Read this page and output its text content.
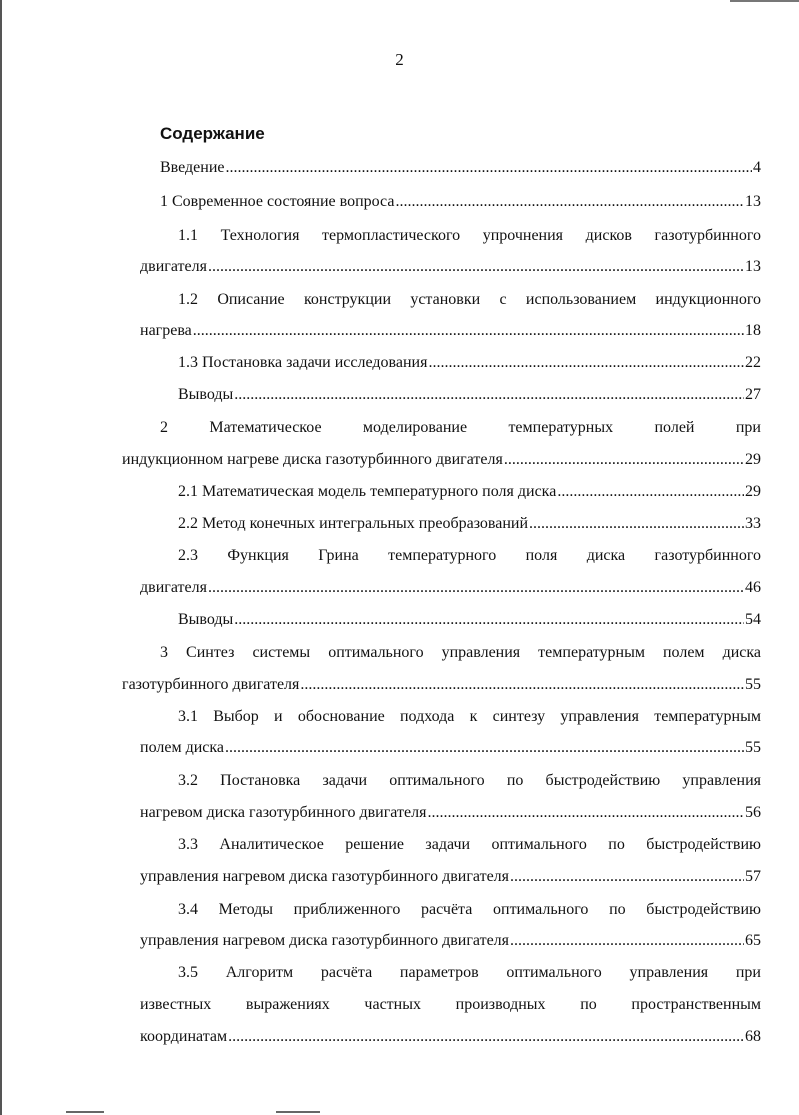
2
Содержание
Введение .....	4
1 Современное состояние вопроса .....	13
1.1 Технология термопластического упрочнения дисков газотурбинного
двигателя .....	13
1.2 Описание конструкции установки с использованием индукционного
нагрева .....	18
1.3 Постановка задачи исследования .....	22
Выводы .....	27
2 Математическое моделирование температурных полей при
индукционном нагреве диска газотурбинного двигателя .....	29
2.1 Математическая модель температурного поля диска .....	29
2.2 Метод конечных интегральных преобразований .....	33
2.3 Функция Грина температурного поля диска газотурбинного
двигателя .....	46
Выводы .....	54
3 Синтез системы оптимального управления температурным полем диска
газотурбинного двигателя .....	55
3.1 Выбор и обоснование подхода к синтезу управления температурным
полем диска .....	55
3.2 Постановка задачи оптимального по быстродействию управления
нагревом диска газотурбинного двигателя .....	56
3.3 Аналитическое решение задачи оптимального по быстродействию
управления нагревом диска газотурбинного двигателя .....	57
3.4 Методы приближенного расчёта оптимального по быстродействию
управления нагревом диска газотурбинного двигателя .....	65
3.5 Алгоритм расчёта параметров оптимального управления при
известных выражениях частных производных по пространственным
координатам .....	68
